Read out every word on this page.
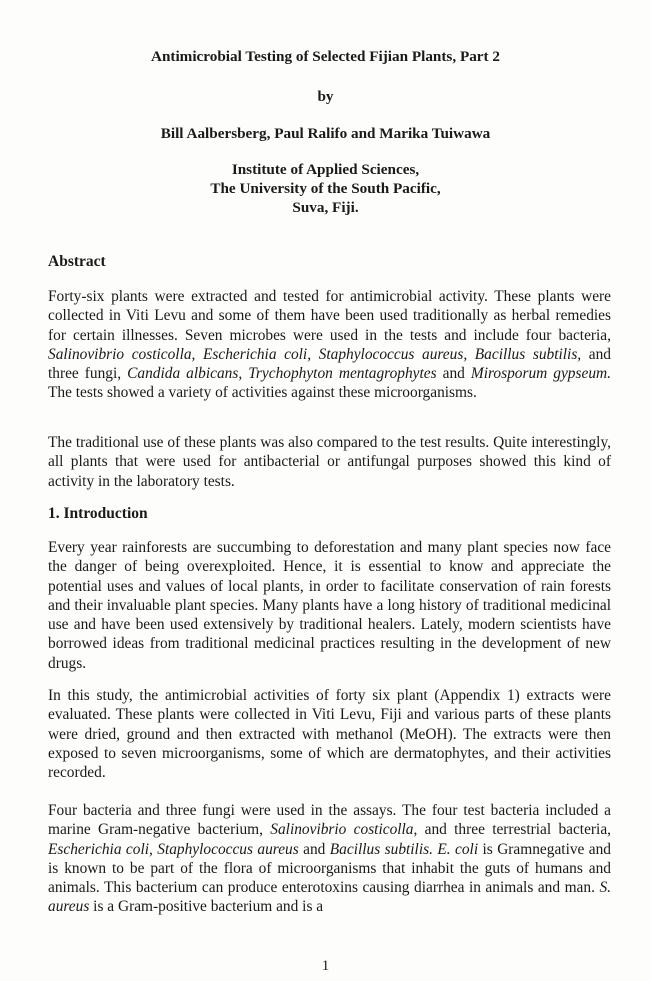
Antimicrobial Testing of Selected Fijian Plants, Part 2
by
Bill Aalbersberg, Paul Ralifo and Marika Tuiwawa
Institute of Applied Sciences,
The University of the South Pacific,
Suva, Fiji.
Abstract

Forty-six plants were extracted and tested for antimicrobial activity. These plants were collected in Viti Levu and some of them have been used traditionally as herbal remedies for certain illnesses. Seven microbes were used in the tests and include four bacteria, Salinovibrio costicolla, Escherichia coli, Staphylococcus aureus, Bacillus subtilis, and three fungi, Candida albicans, Trychophyton mentagrophytes and Mirosporum gypseum. The tests showed a variety of activities against these microorganisms.

The traditional use of these plants was also compared to the test results. Quite interestingly, all plants that were used for antibacterial or antifungal purposes showed this kind of activity in the laboratory tests.

1. Introduction

Every year rainforests are succumbing to deforestation and many plant species now face the danger of being overexploited. Hence, it is essential to know and appreciate the potential uses and values of local plants, in order to facilitate conservation of rain forests and their invaluable plant species. Many plants have a long history of traditional medicinal use and have been used extensively by traditional healers. Lately, modern scientists have borrowed ideas from traditional medicinal practices resulting in the development of new drugs.

In this study, the antimicrobial activities of forty six plant (Appendix 1) extracts were evaluated. These plants were collected in Viti Levu, Fiji and various parts of these plants were dried, ground and then extracted with methanol (MeOH). The extracts were then exposed to seven microorganisms, some of which are dermatophytes, and their activities recorded.

Four bacteria and three fungi were used in the assays. The four test bacteria included a marine Gram-negative bacterium, Salinovibrio costicolla, and three terrestrial bacteria, Escherichia coli, Staphylococcus aureus and Bacillus subtilis. E. coli is Gramnegative and is known to be part of the flora of microorganisms that inhabit the guts of humans and animals. This bacterium can produce enterotoxins causing diarrhea in animals and man. S. aureus is a Gram-positive bacterium and is a

1
